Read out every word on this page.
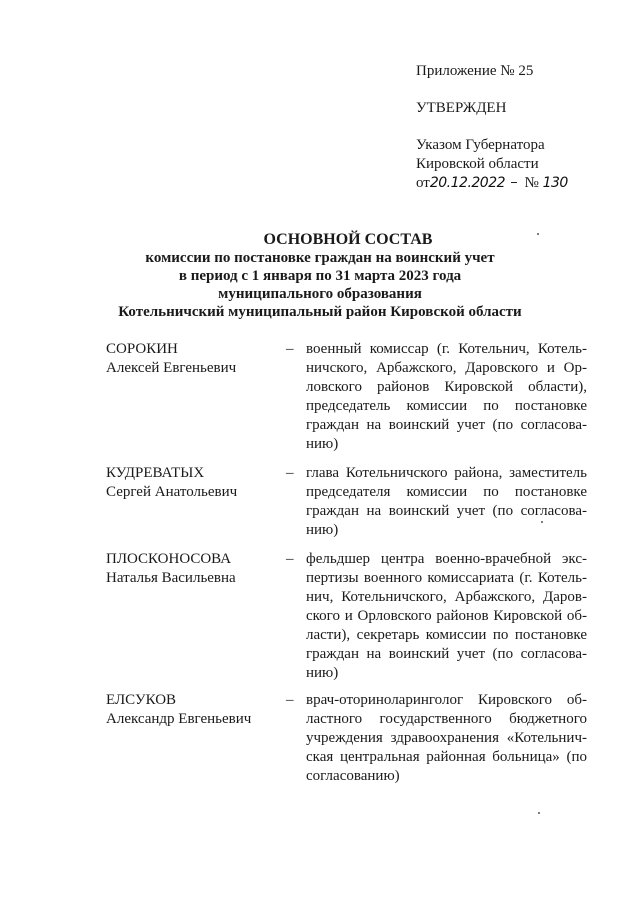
Приложение № 25
УТВЕРЖДЕН
Указом Губернатора
Кировской области
от20.12.2022 № 130
ОСНОВНОЙ СОСТАВ
комиссии по постановке граждан на воинский учет
в период с 1 января по 31 марта 2023 года
муниципального образования
Котельничский муниципальный район Кировской области
СОРОКИН
Алексей Евгеньевич
– военный комиссар (г. Котельнич, Котельничского, Арбажского, Даровского и Орловского районов Кировской области), председатель комиссии по постановке граждан на воинский учет (по согласованию)
КУДРЕВАТЫХ
Сергей Анатольевич
– глава Котельничского района, заместитель председателя комиссии по постановке граждан на воинский учет (по согласованию)
ПЛОСКОНОСОВА
Наталья Васильевна
– фельдшер центра военно-врачебной экспертизы военного комиссариата (г. Котельнич, Котельничского, Арбажского, Даровского и Орловского районов Кировской области), секретарь комиссии по постановке граждан на воинский учет (по согласованию)
ЕЛСУКОВ
Александр Евгеньевич
– врач-оториноларинголог Кировского областного государственного бюджетного учреждения здравоохранения «Котельничская центральная районная больница» (по согласованию)
